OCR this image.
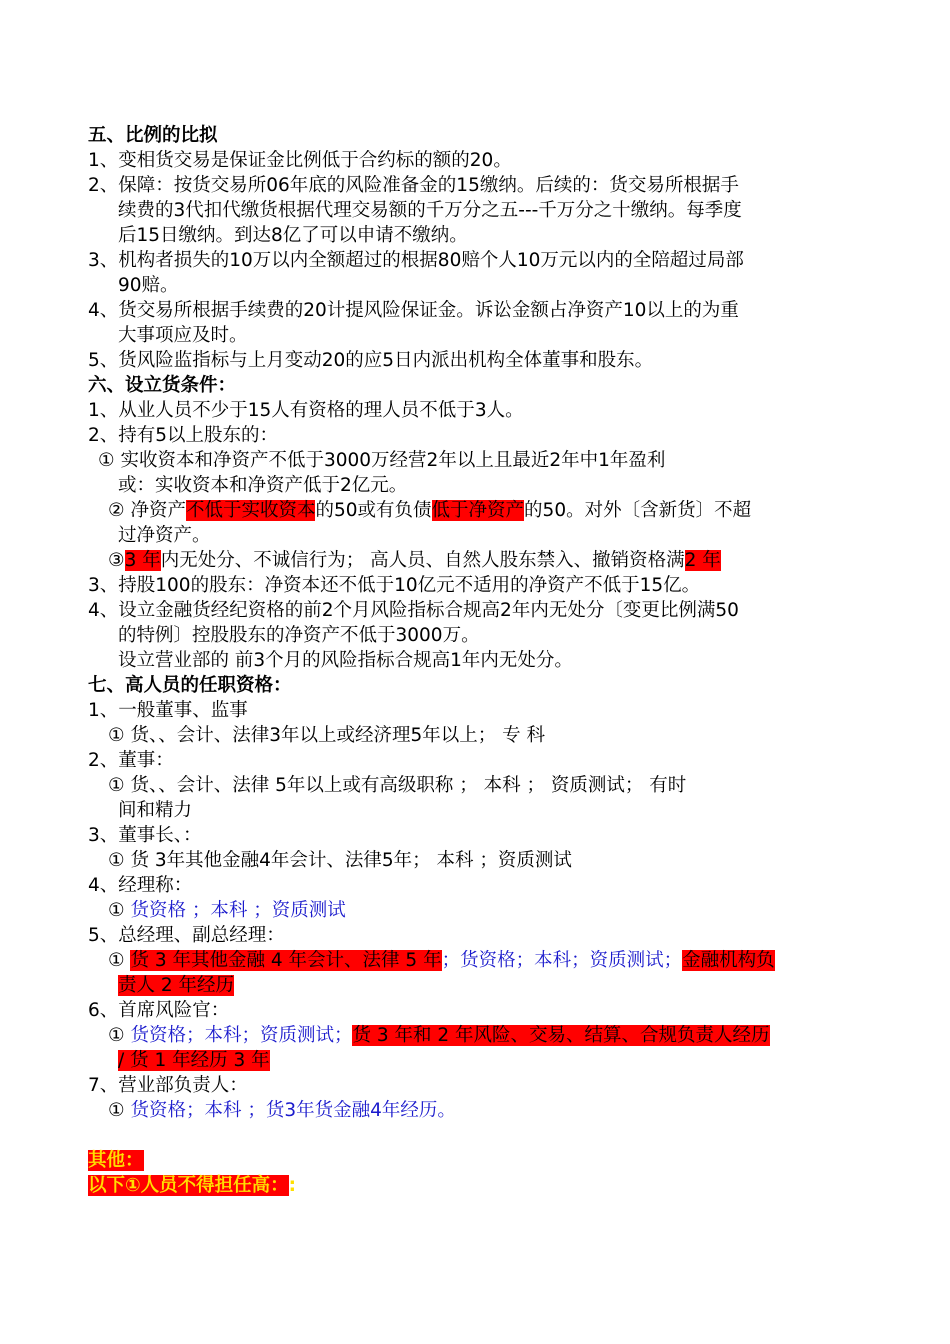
五、比例的比拟
1、变相货交易是保证金比例低于合约标的额的20。
2、保障：按货交易所06年底的风险准备金的15缴纳。后续的：货交易所根据手
续费的3代扣代缴货根据代理交易额的千万分之五---千万分之十缴纳。每季度
后15日缴纳。到达8亿了可以申请不缴纳。
3、机构者损失的10万以内全额超过的根据80赔个人10万元以内的全陪超过局部
90赔。
4、货交易所根据手续费的20计提风险保证金。诉讼金额占净资产10以上的为重
大事项应及时。
5、货风险监指标与上月变动20的应5日内派出机构全体董事和股东。
六、设立货条件：
1、从业人员不少于15人有资格的理人员不低于3人。
2、持有5以上股东的：
① 实收资本和净资产不低于3000万经营2年以上且最近2年中1年盈利
或：实收资本和净资产低于2亿元。
② 净资产不低于实收资本的50或有负债低于净资产的50。对外〔含新货〕不超
过净资产。
③3 年内无处分、不诚信行为； 高人员、自然人股东禁入、撤销资格满2 年
3、持股100的股东：净资本还不低于10亿元不适用的净资产不低于15亿。
4、设立金融货经纪资格的前2个月风险指标合规高2年内无处分〔变更比例满50
的特例〕控股股东的净资产不低于3000万。
设立营业部的 前3个月的风险指标合规高1年内无处分。
七、高人员的任职资格：
1、一般董事、监事
① 货、、会计、法律3年以上或经济理5年以上； 专 科
2、董事：
① 货、、会计、法律 5年以上或有高级职称 ； 本科 ； 资质测试； 有时
间和精力
3、董事长、：
① 货 3年其他金融4年会计、法律5年； 本科 ；资质测试
4、经理称：
① 货资格 ；本科 ；资质测试
5、总经理、副总经理：
① 货 3 年其他金融 4 年会计、法律 5 年；货资格；本科；资质测试；金融机构负
责人 2 年经历
6、首席风险官：
① 货资格；本科；资质测试；货 3 年和 2 年风险、交易、结算、合规负责人经历
/ 货 1 年经历 3 年
7、营业部负责人：
① 货资格；本科 ；货3年货金融4年经历。
其他：
以下①人员不得担任高：:
